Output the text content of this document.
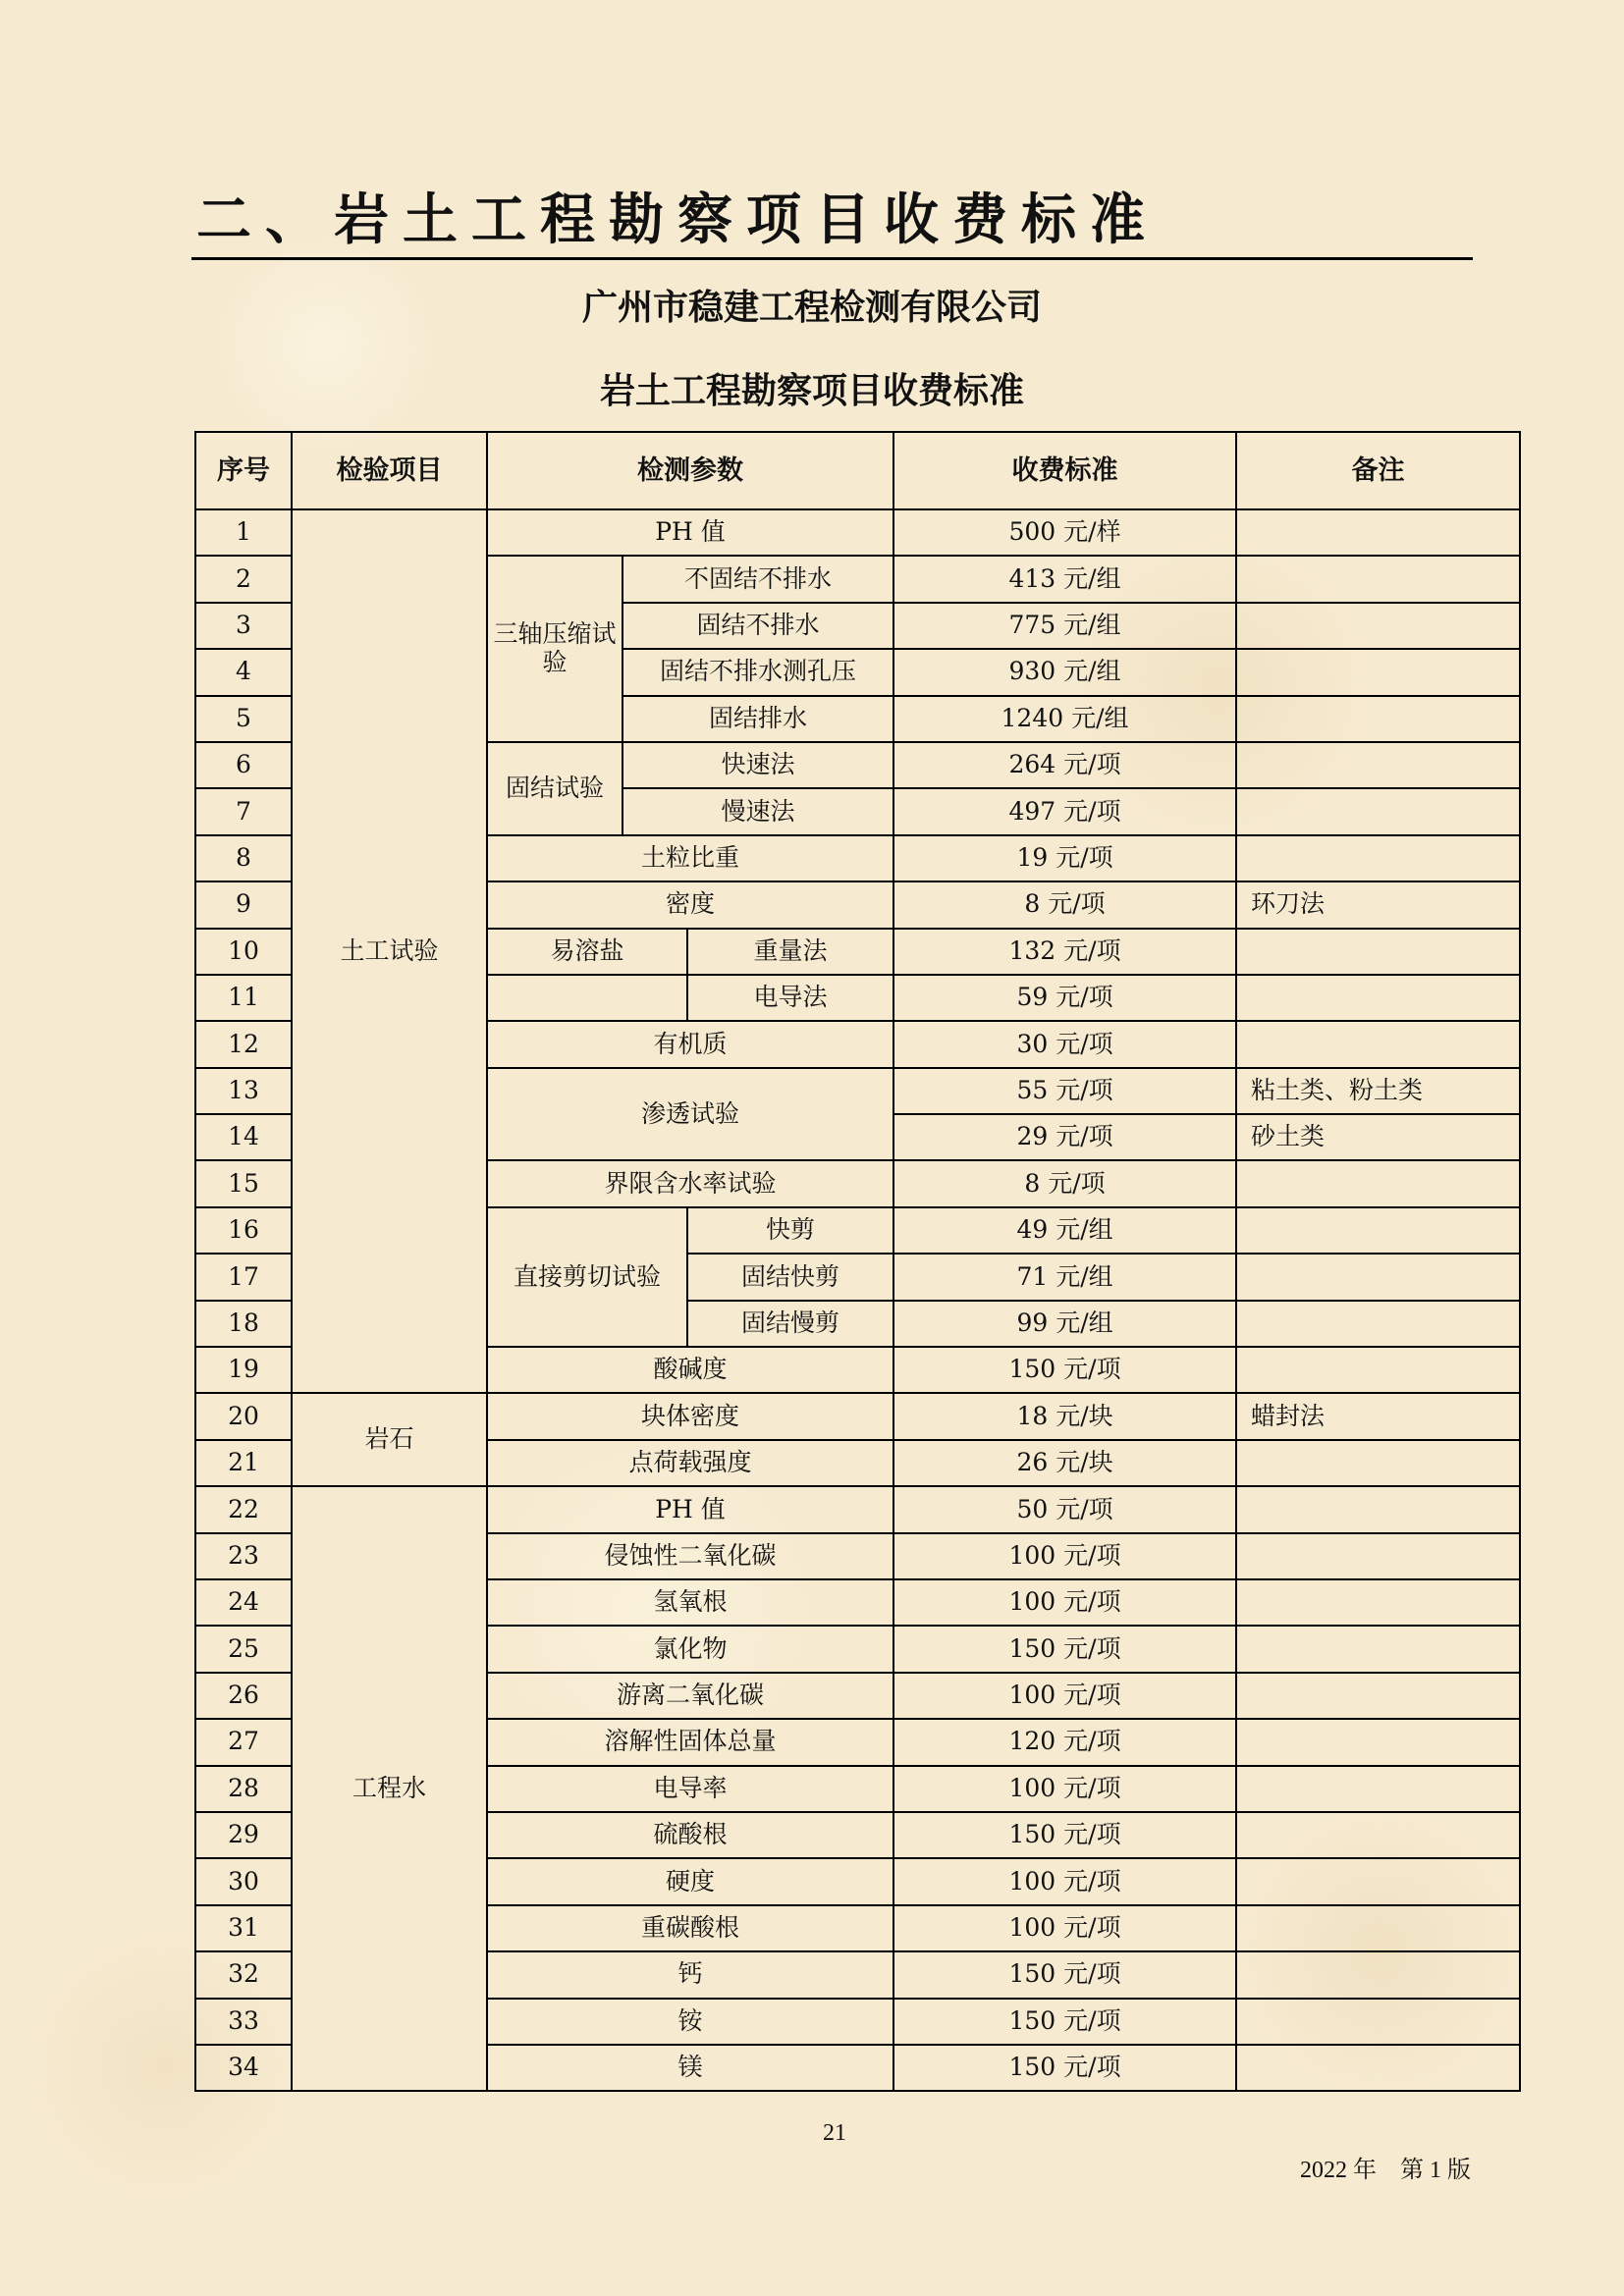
二、岩土工程勘察项目收费标准
广州市稳建工程检测有限公司
岩土工程勘察项目收费标准
序号	检验项目	检测参数			收费标准	备注
1	土工试验	PH 值			500 元/样	
2		三轴压缩试验	不固结不排水		413 元/组	
3			固结不排水		775 元/组	
4			固结不排水测孔压		930 元/组	
5			固结排水		1240 元/组	
6		固结试验	快速法		264 元/项	
7			慢速法		497 元/项	
8		土粒比重			19 元/项	
9		密度			8 元/项	环刀法
10		易溶盐		重量法	132 元/项	
11				电导法	59 元/项	
12		有机质			30 元/项	
13		渗透试验			55 元/项	粘土类、粉土类
14					29 元/项	砂土类
15		界限含水率试验			8 元/项	
16		直接剪切试验		快剪	49 元/组	
17				固结快剪	71 元/组	
18				固结慢剪	99 元/组	
19		酸碱度			150 元/项	
20	岩石	块体密度			18 元/块	蜡封法
21		点荷载强度			26 元/块	
22	工程水	PH 值			50 元/项	
23		侵蚀性二氧化碳			100 元/项	
24		氢氧根			100 元/项	
25		氯化物			150 元/项	
26		游离二氧化碳			100 元/项	
27		溶解性固体总量			120 元/项	
28		电导率			100 元/项	
29		硫酸根			150 元/项	
30		硬度			100 元/项	
31		重碳酸根			100 元/项	
32		钙			150 元/项	
33		铵			150 元/项	
34		镁			150 元/项	
21
2022 年    第 1 版
